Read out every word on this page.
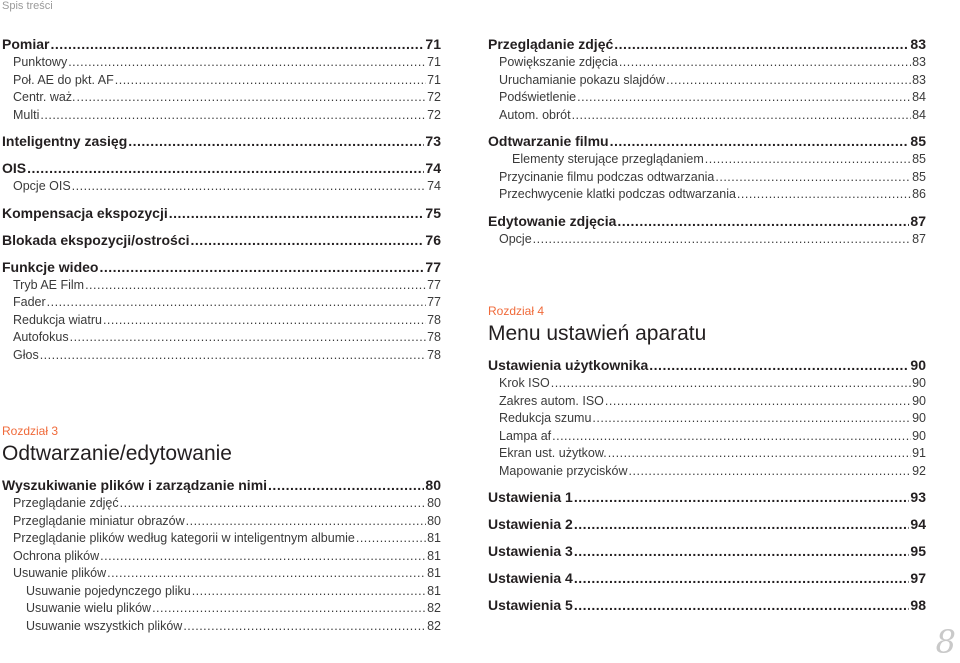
Spis treści
Pomiar .....	71
Punktowy .....	71
Poł. AE do pkt. AF .....	71
Centr. waż. .....	72
Multi .....	72
Inteligentny zasięg .....	73
OIS .....	74
Opcje OIS .....	74
Kompensacja ekspozycji .....	75
Blokada ekspozycji/ostrości .....	76
Funkcje wideo .....	77
Tryb AE Film .....	77
Fader .....	77
Redukcja wiatru .....	78
Autofokus .....	78
Głos .....	78
Rozdział 3
Odtwarzanie/edytowanie
Wyszukiwanie plików i zarządzanie nimi .....	80
Przeglądanie zdjęć .....	80
Przeglądanie miniatur obrazów .....	80
Przeglądanie plików według kategorii w inteligentnym albumie .....	81
Ochrona plików .....	81
Usuwanie plików .....	81
Usuwanie pojedynczego pliku .....	81
Usuwanie wielu plików .....	82
Usuwanie wszystkich plików .....	82
Przeglądanie zdjęć .....	83
Powiększanie zdjęcia .....	83
Uruchamianie pokazu slajdów .....	83
Podświetlenie .....	84
Autom. obrót .....	84
Odtwarzanie filmu .....	85
Elementy sterujące przeglądaniem .....	85
Przycinanie filmu podczas odtwarzania .....	85
Przechwycenie klatki podczas odtwarzania .....	86
Edytowanie zdjęcia .....	87
Opcje .....	87
Rozdział 4
Menu ustawień aparatu
Ustawienia użytkownika .....	90
Krok ISO .....	90
Zakres autom. ISO .....	90
Redukcja szumu .....	90
Lampa af .....	90
Ekran ust. użytkow. .....	91
Mapowanie przycisków .....	92
Ustawienia 1 .....	93
Ustawienia 2 .....	94
Ustawienia 3 .....	95
Ustawienia 4 .....	97
Ustawienia 5 .....	98
8
